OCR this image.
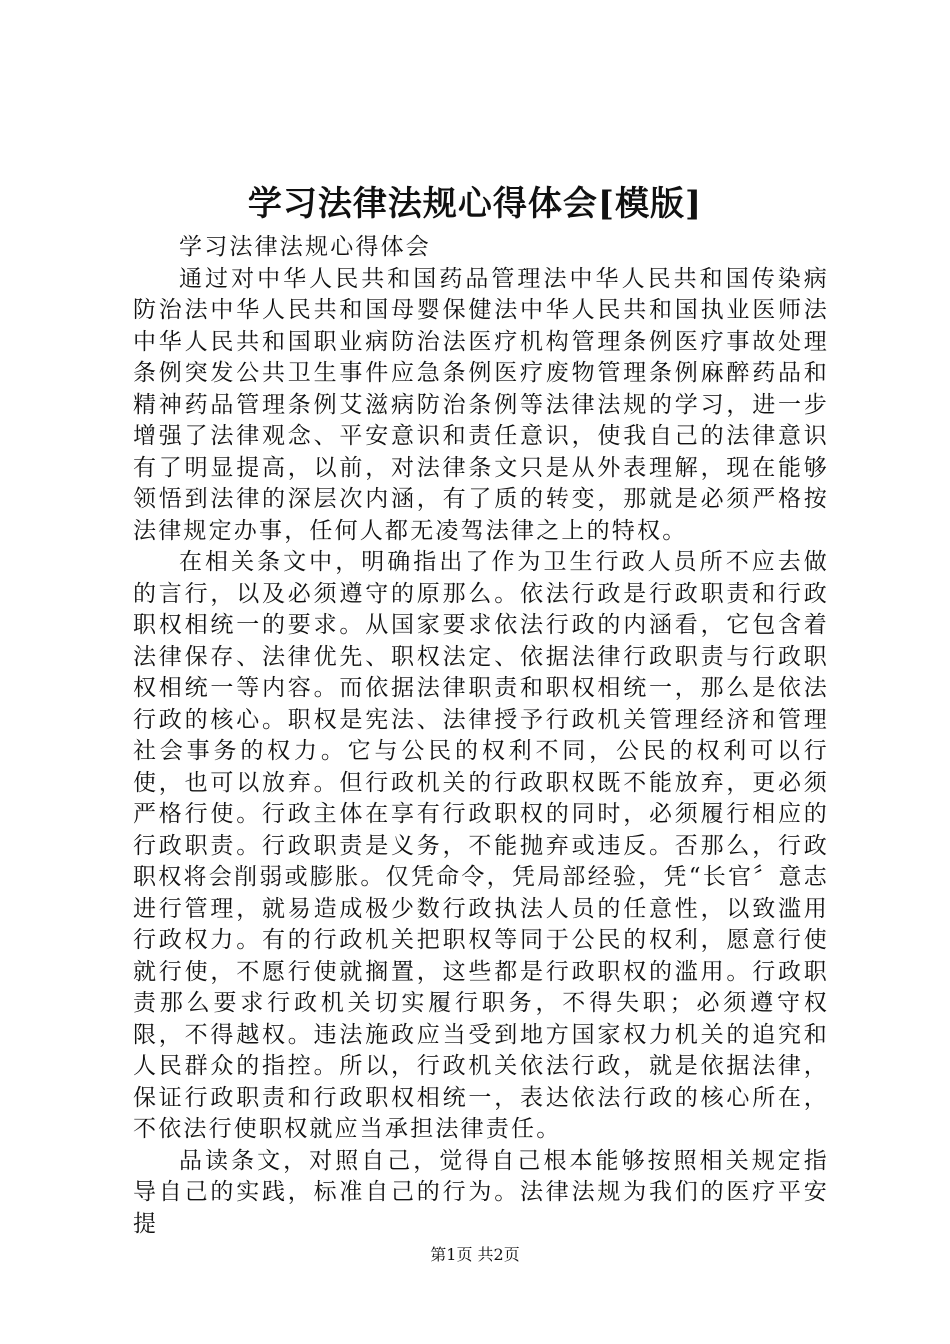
学习法律法规心得体会[模版]

学习法律法规心得体会

通过对中华人民共和国药品管理法中华人民共和国传染病防治法中华人民共和国母婴保健法中华人民共和国执业医师法中华人民共和国职业病防治法医疗机构管理条例医疗事故处理条例突发公共卫生事件应急条例医疗废物管理条例麻醉药品和精神药品管理条例艾滋病防治条例等法律法规的学习，进一步增强了法律观念、平安意识和责任意识，使我自己的法律意识有了明显提高，以前，对法律条文只是从外表理解，现在能够领悟到法律的深层次内涵，有了质的转变，那就是必须严格按法律规定办事，任何人都无凌驾法律之上的特权。

在相关条文中，明确指出了作为卫生行政人员所不应去做的言行，以及必须遵守的原那么。依法行政是行政职责和行政职权相统一的要求。从国家要求依法行政的内涵看，它包含着法律保存、法律优先、职权法定、依据法律行政职责与行政职权相统一等内容。而依据法律职责和职权相统一，那么是依法行政的核心。职权是宪法、法律授予行政机关管理经济和管理社会事务的权力。它与公民的权利不同，公民的权利可以行使，也可以放弃。但行政机关的行政职权既不能放弃，更必须严格行使。行政主体在享有行政职权的同时，必须履行相应的行政职责。行政职责是义务，不能抛弃或违反。否那么，行政职权将会削弱或膨胀。仅凭命令，凭局部经验，凭“长官〞意志进行管理，就易造成极少数行政执法人员的任意性，以致滥用行政权力。有的行政机关把职权等同于公民的权利，愿意行使就行使，不愿行使就搁置，这些都是行政职权的滥用。行政职责那么要求行政机关切实履行职务，不得失职；必须遵守权限，不得越权。违法施政应当受到地方国家权力机关的追究和人民群众的指控。所以，行政机关依法行政，就是依据法律，保证行政职责和行政职权相统一，表达依法行政的核心所在，不依法行使职权就应当承担法律责任。

品读条文，对照自己，觉得自己根本能够按照相关规定指导自己的实践，标准自己的行为。法律法规为我们的医疗平安提

第1页 共2页
